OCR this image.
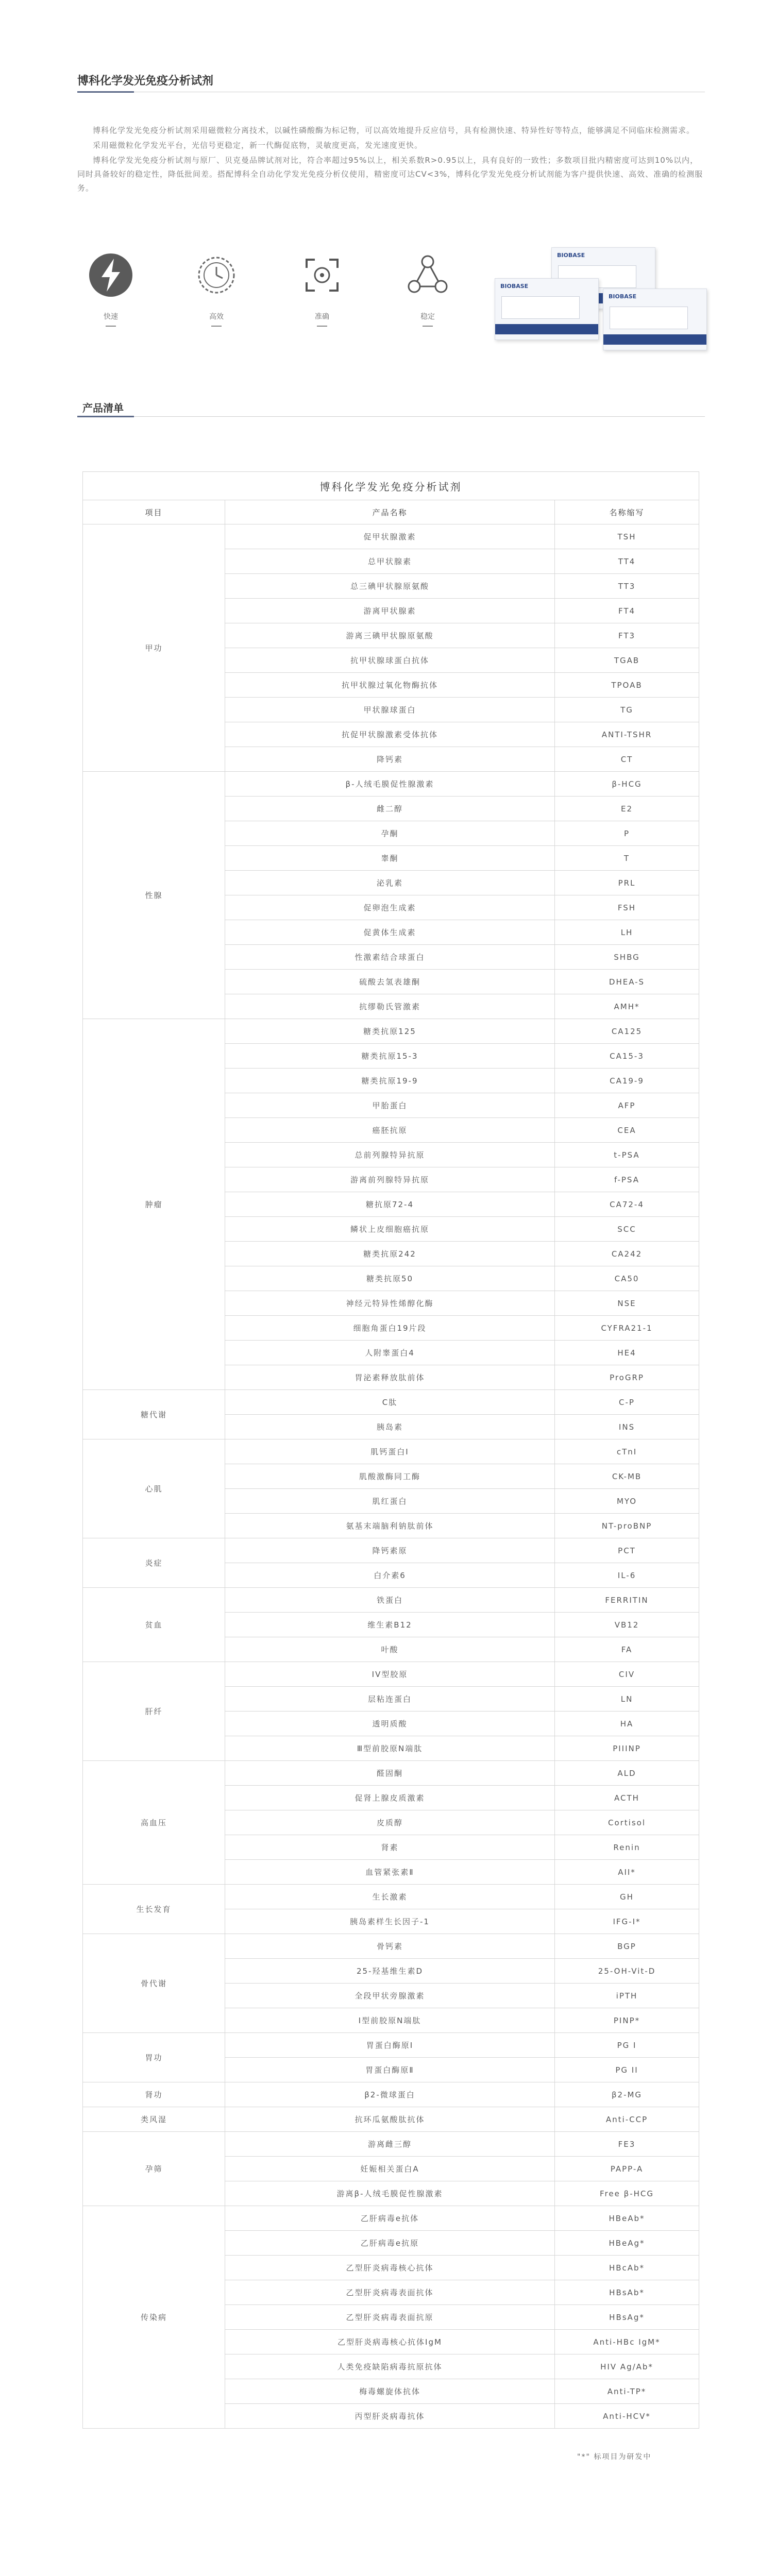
博科化学发光免疫分析试剂

博科化学发光免疫分析试剂采用磁微粒分离技术，以碱性磷酸酶为标记物，可以高效地提升反应信号，具有检测快速、特异性好等特点，能够满足不同临床检测需求。

采用磁微粒化学发光平台，光信号更稳定，新一代酶促底物，灵敏度更高，发光速度更快。

博科化学发光免疫分析试剂与原厂、贝克曼品牌试剂对比，符合率超过95%以上，相关系数R>0.95以上，具有良好的一致性；多数项目批内精密度可达到10%以内，同时具备较好的稳定性，降低批间差。搭配博科全自动化学发光免疫分析仪使用，精密度可达CV<3%，博科化学发光免疫分析试剂能为客户提供快速、高效、准确的检测服务。

快速	高效	准确	稳定
BIOBASE
BIOBASE
BIOBASE
产品清单
博科化学发光免疫分析试剂		
项目	产品名称	名称缩写
甲功	促甲状腺激素	TSH
	总甲状腺素	TT4
	总三碘甲状腺原氨酸	TT3
	游离甲状腺素	FT4
	游离三碘甲状腺原氨酸	FT3
	抗甲状腺球蛋白抗体	TGAB
	抗甲状腺过氧化物酶抗体	TPOAB
	甲状腺球蛋白	TG
	抗促甲状腺激素受体抗体	ANTI-TSHR
	降钙素	CT
性腺	β-人绒毛膜促性腺激素	β-HCG
	雌二醇	E2
	孕酮	P
	睾酮	T
	泌乳素	PRL
	促卵泡生成素	FSH
	促黄体生成素	LH
	性激素结合球蛋白	SHBG
	硫酸去氢表雄酮	DHEA-S
	抗缪勒氏管激素	AMH*
肿瘤	糖类抗原125	CA125
	糖类抗原15-3	CA15-3
	糖类抗原19-9	CA19-9
	甲胎蛋白	AFP
	癌胚抗原	CEA
	总前列腺特异抗原	t-PSA
	游离前列腺特异抗原	f-PSA
	糖抗原72-4	CA72-4
	鳞状上皮细胞癌抗原	SCC
	糖类抗原242	CA242
	糖类抗原50	CA50
	神经元特异性烯醇化酶	NSE
	细胞角蛋白19片段	CYFRA21-1
	人附睾蛋白4	HE4
	胃泌素释放肽前体	ProGRP
糖代谢	C肽	C-P
	胰岛素	INS
心肌	肌钙蛋白I	cTnI
	肌酸激酶同工酶	CK-MB
	肌红蛋白	MYO
	氨基末端脑利钠肽前体	NT-proBNP
炎症	降钙素原	PCT
	白介素6	IL-6
贫血	铁蛋白	FERRITIN
	维生素B12	VB12
	叶酸	FA
肝纤	IV型胶原	CIV
	层粘连蛋白	LN
	透明质酸	HA
	Ⅲ型前胶原N端肽	PIIINP
高血压	醛固酮	ALD
	促肾上腺皮质激素	ACTH
	皮质醇	Cortisol
	肾素	Renin
	血管紧张素Ⅱ	AII*
生长发育	生长激素	GH
	胰岛素样生长因子-1	IFG-I*
骨代谢	骨钙素	BGP
	25-羟基维生素D	25-OH-Vit-D
	全段甲状旁腺激素	iPTH
	Ⅰ型前胶原N端肽	PINP*
胃功	胃蛋白酶原Ⅰ	PG I
	胃蛋白酶原Ⅱ	PG II
肾功	β2-微球蛋白	β2-MG
类风湿	抗环瓜氨酸肽抗体	Anti-CCP
孕筛	游离雌三醇	FE3
	妊娠相关蛋白A	PAPP-A
	游离β-人绒毛膜促性腺激素	Free β-HCG
传染病	乙肝病毒e抗体	HBeAb*
	乙肝病毒e抗原	HBeAg*
	乙型肝炎病毒核心抗体	HBcAb*
	乙型肝炎病毒表面抗体	HBsAb*
	乙型肝炎病毒表面抗原	HBsAg*
	乙型肝炎病毒核心抗体IgM	Anti-HBc IgM*
	人类免疫缺陷病毒抗原抗体	HIV Ag/Ab*
	梅毒螺旋体抗体	Anti-TP*
	丙型肝炎病毒抗体	Anti-HCV*
"*" 标项目为研发中
